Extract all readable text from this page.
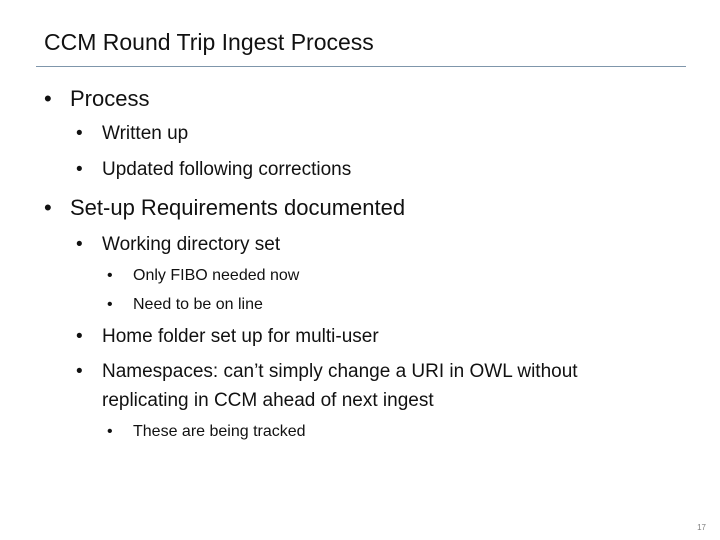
CCM Round Trip Ingest Process
• Process
• Written up
• Updated following corrections
• Set-up Requirements documented
• Working directory set
• Only FIBO needed now
• Need to be on line
• Home folder set up for multi-user
• Namespaces: can’t simply change a URI in OWL without
replicating in CCM ahead of next ingest
• These are being tracked
17
